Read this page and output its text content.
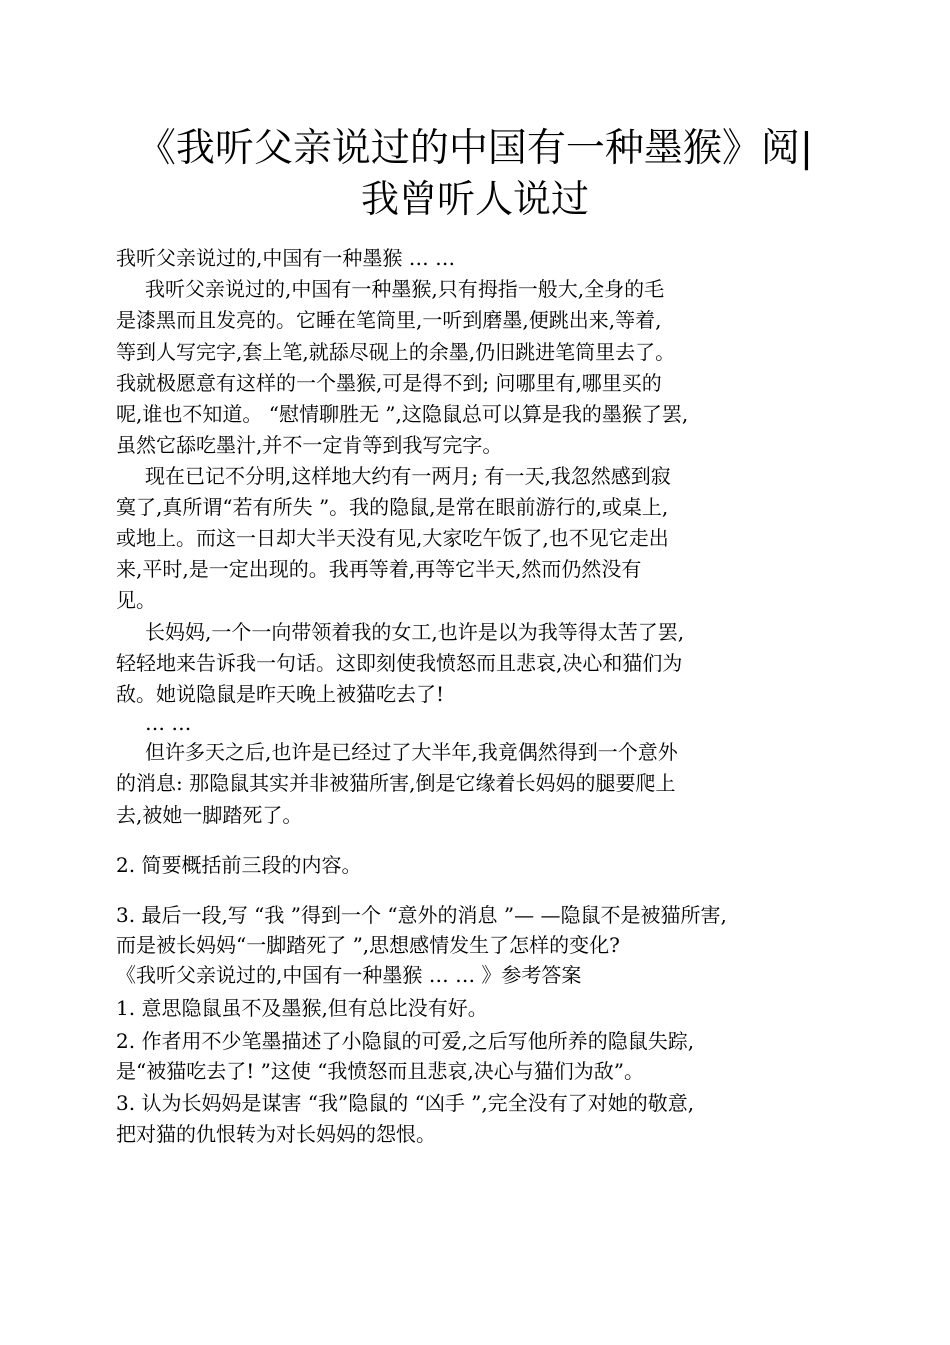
《我听父亲说过的中国有一种墨猴》阅|
我曾听人说过
我听父亲说过的,中国有一种墨猴 … …
我听父亲说过的,中国有一种墨猴,只有拇指一般大,全身的毛
是漆黑而且发亮的。它睡在笔筒里,一听到磨墨,便跳出来,等着,
等到人写完字,套上笔,就舔尽砚上的余墨,仍旧跳进笔筒里去了。
我就极愿意有这样的一个墨猴,可是得不到; 问哪里有,哪里买的
呢,谁也不知道。 “慰情聊胜无 ”,这隐鼠总可以算是我的墨猴了罢,
虽然它舔吃墨汁,并不一定肯等到我写完字。
现在已记不分明,这样地大约有一两月; 有一天,我忽然感到寂
寞了,真所谓“若有所失 ”。我的隐鼠,是常在眼前游行的,或桌上,
或地上。而这一日却大半天没有见,大家吃午饭了,也不见它走出
来,平时,是一定出现的。我再等着,再等它半天,然而仍然没有
见。
长妈妈,一个一向带领着我的女工,也许是以为我等得太苦了罢,
轻轻地来告诉我一句话。这即刻使我愤怒而且悲哀,决心和猫们为
敌。她说隐鼠是昨天晚上被猫吃去了!
… …
但许多天之后,也许是已经过了大半年,我竟偶然得到一个意外
的消息: 那隐鼠其实并非被猫所害,倒是它缘着长妈妈的腿要爬上
去,被她一脚踏死了。
2. 简要概括前三段的内容。
3. 最后一段,写 “我 ”得到一个 “意外的消息 ”— —隐鼠不是被猫所害,
而是被长妈妈“一脚踏死了 ”,思想感情发生了怎样的变化?
《我听父亲说过的,中国有一种墨猴 … … 》参考答案
1. 意思隐鼠虽不及墨猴,但有总比没有好。
2. 作者用不少笔墨描述了小隐鼠的可爱,之后写他所养的隐鼠失踪,
是“被猫吃去了! ”这使 “我愤怒而且悲哀,决心与猫们为敌”。
3. 认为长妈妈是谋害 “我”隐鼠的 “凶手 ”,完全没有了对她的敬意,
把对猫的仇恨转为对长妈妈的怨恨。
